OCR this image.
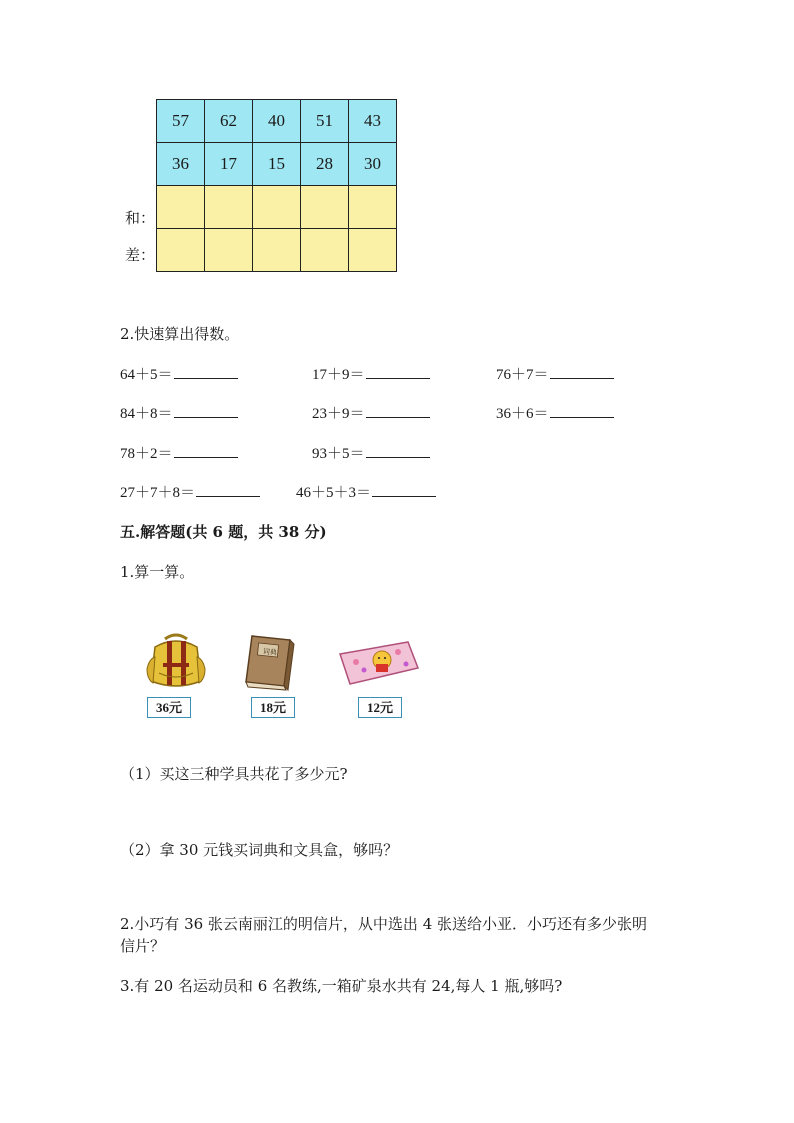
57	62	40	51	43
36	17	15	28	30

和：
差：
2.快速算出得数。
64＋5＝	17＋9＝	76＋7＝
84＋8＝	23＋9＝	36＋6＝
78＋2＝	93＋5＝
27＋7＋8＝	46＋5＋3＝
五.解答题(共 6 题，共 38 分)
1.算一算。
36元
词典
18元	12元
（1）买这三种学具共花了多少元?
（2）拿 30 元钱买词典和文具盒，够吗？
2.小巧有 36 张云南丽江的明信片，从中选出 4 张送给小亚．小巧还有多少张明
信片？
3.有 20 名运动员和 6 名教练,一箱矿泉水共有 24,每人 1 瓶,够吗?
